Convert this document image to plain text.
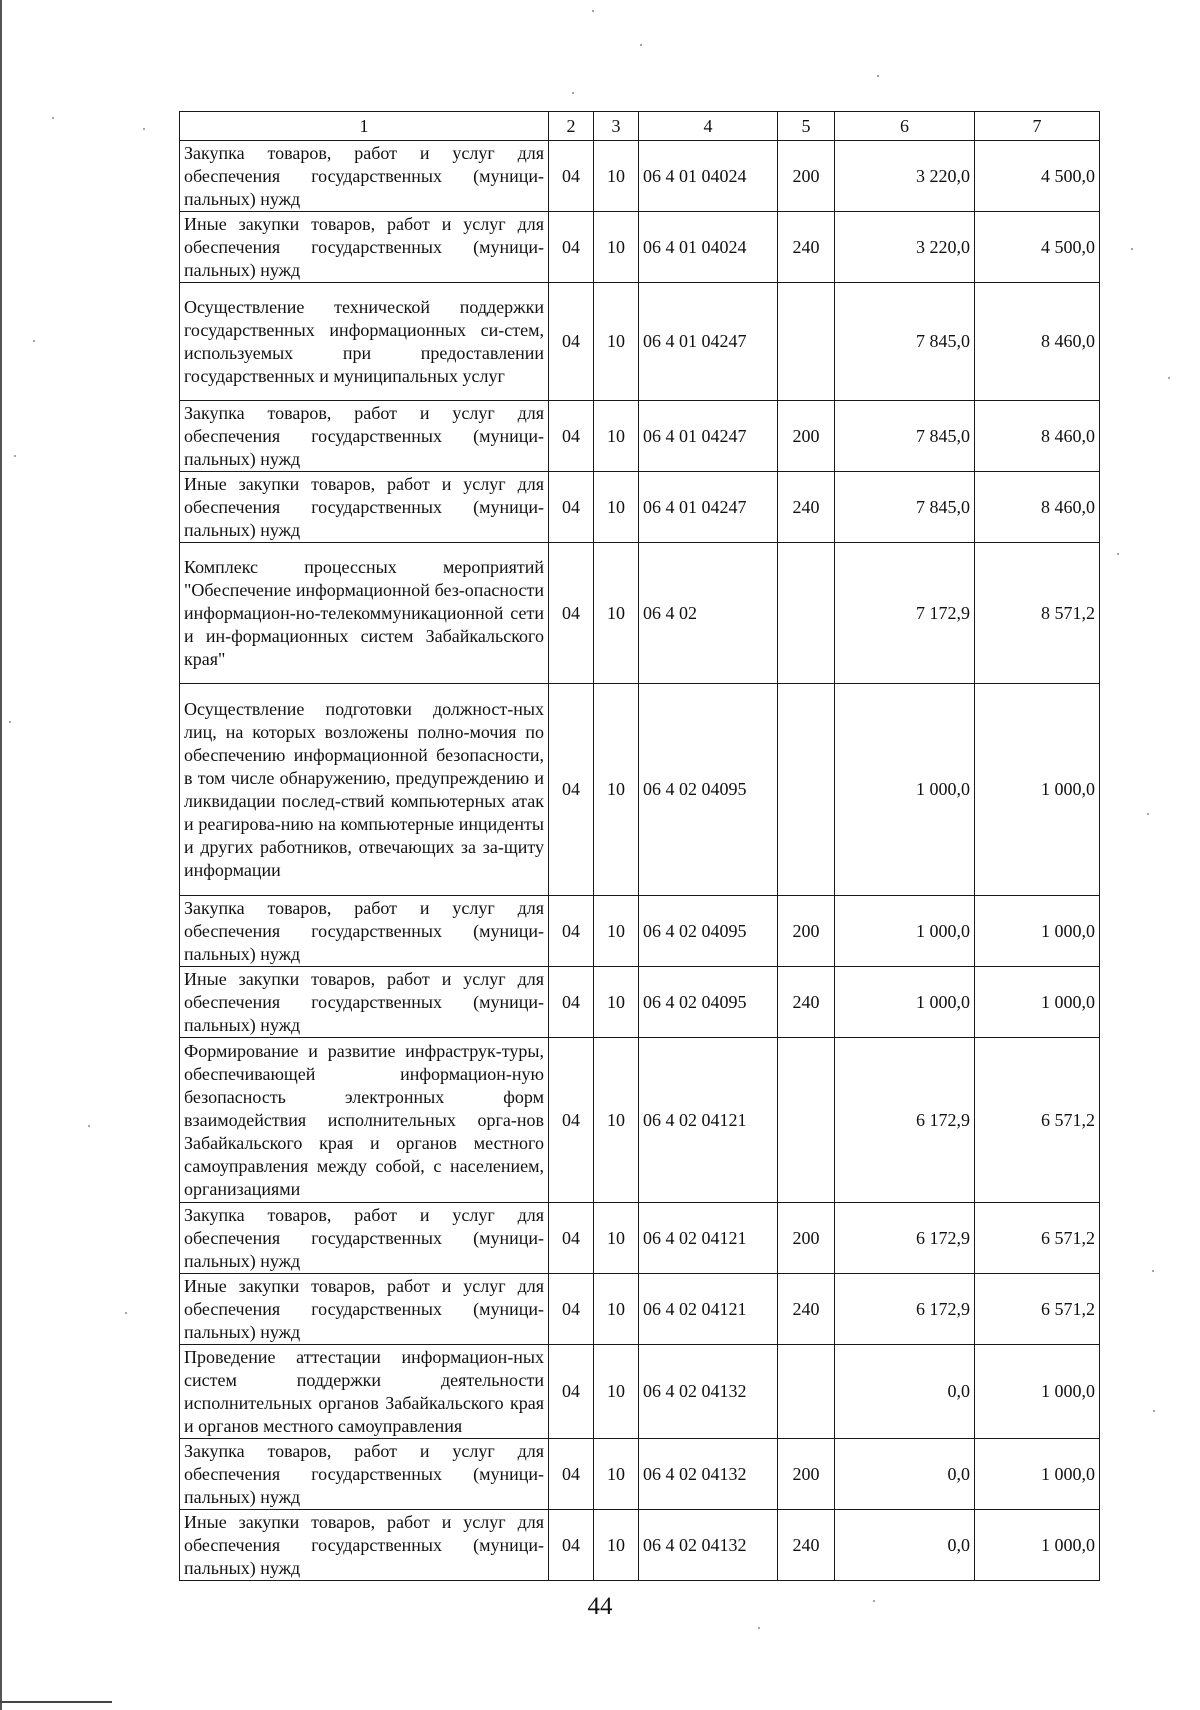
1	2	3	4	5	6	7
Закупка товаров, работ и услуг для обеспечения государственных (муници-пальных) нужд	04	10	06 4 01 04024	200	3 220,0	4 500,0
Иные закупки товаров, работ и услуг для обеспечения государственных (муници-пальных) нужд	04	10	06 4 01 04024	240	3 220,0	4 500,0
Осуществление технической поддержки государственных информационных си-стем, используемых при предоставлении государственных и муниципальных услуг	04	10	06 4 01 04247		7 845,0	8 460,0
Закупка товаров, работ и услуг для обеспечения государственных (муници-пальных) нужд	04	10	06 4 01 04247	200	7 845,0	8 460,0
Иные закупки товаров, работ и услуг для обеспечения государственных (муници-пальных) нужд	04	10	06 4 01 04247	240	7 845,0	8 460,0
Комплекс процессных мероприятий "Обеспечение информационной без-опасности информацион-но-телекоммуникационной сети и ин-формационных систем Забайкальского края"	04	10	06 4 02		7 172,9	8 571,2
Осуществление подготовки должност-ных лиц, на которых возложены полно-мочия по обеспечению информационной безопасности, в том числе обнаружению, предупреждению и ликвидации послед-ствий компьютерных атак и реагирова-нию на компьютерные инциденты и других работников, отвечающих за за-щиту информации	04	10	06 4 02 04095		1 000,0	1 000,0
Закупка товаров, работ и услуг для обеспечения государственных (муници-пальных) нужд	04	10	06 4 02 04095	200	1 000,0	1 000,0
Иные закупки товаров, работ и услуг для обеспечения государственных (муници-пальных) нужд	04	10	06 4 02 04095	240	1 000,0	1 000,0
Формирование и развитие инфраструк-туры, обеспечивающей информацион-ную безопасность электронных форм взаимодействия исполнительных орга-нов Забайкальского края и органов местного самоуправления между собой, с населением, организациями	04	10	06 4 02 04121		6 172,9	6 571,2
Закупка товаров, работ и услуг для обеспечения государственных (муници-пальных) нужд	04	10	06 4 02 04121	200	6 172,9	6 571,2
Иные закупки товаров, работ и услуг для обеспечения государственных (муници-пальных) нужд	04	10	06 4 02 04121	240	6 172,9	6 571,2
Проведение аттестации информацион-ных систем поддержки деятельности исполнительных органов Забайкальского края и органов местного самоуправления	04	10	06 4 02 04132		0,0	1 000,0
Закупка товаров, работ и услуг для обеспечения государственных (муници-пальных) нужд	04	10	06 4 02 04132	200	0,0	1 000,0
Иные закупки товаров, работ и услуг для обеспечения государственных (муници-пальных) нужд	04	10	06 4 02 04132	240	0,0	1 000,0
44
